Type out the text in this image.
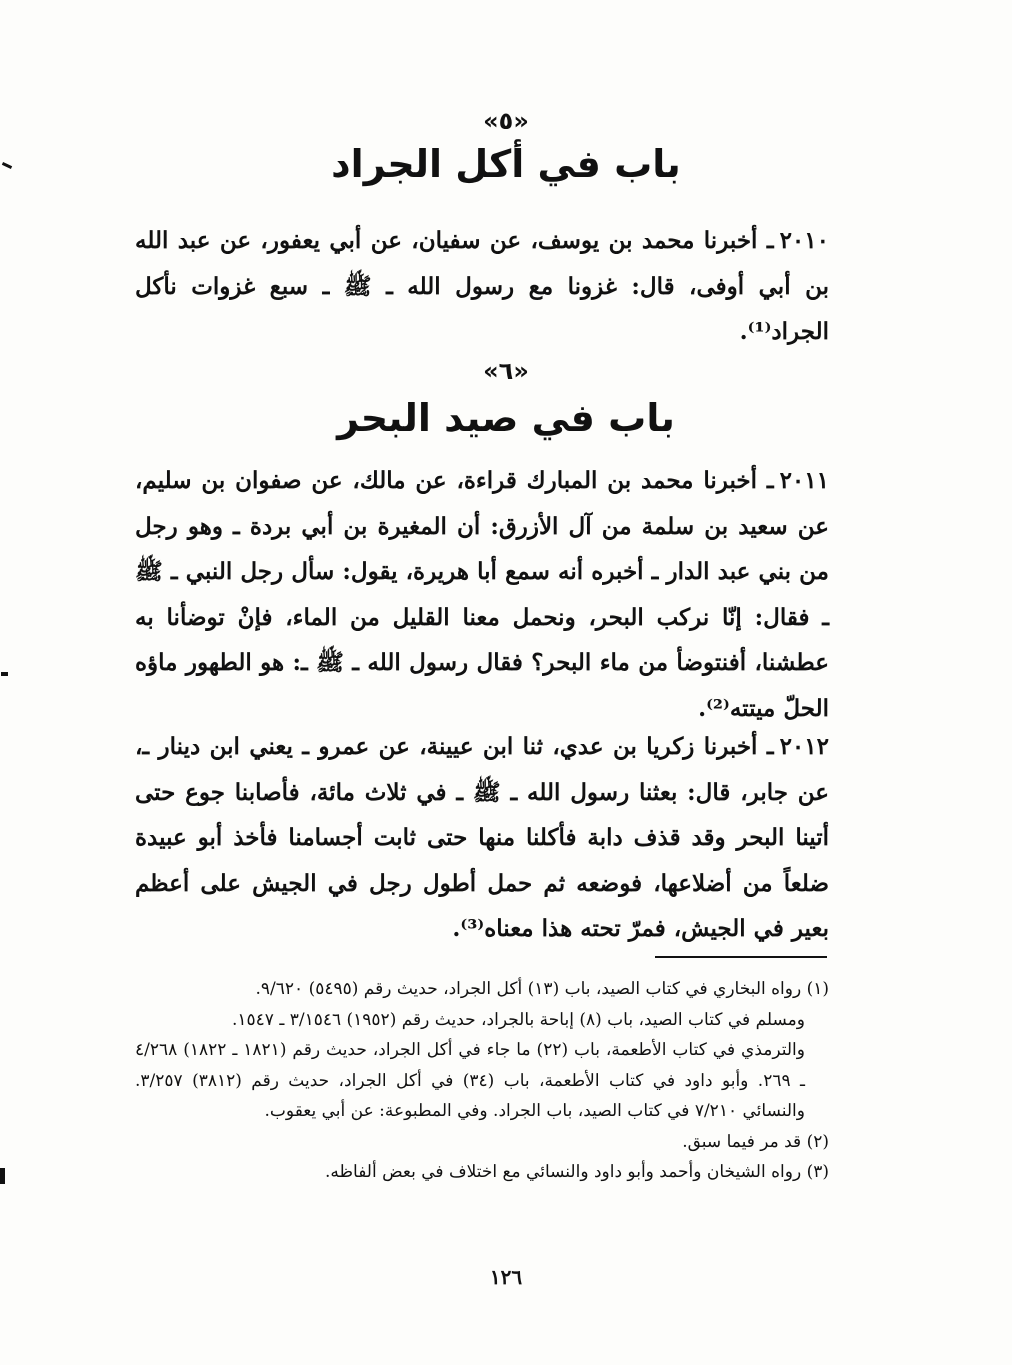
«٥»
باب في أكل الجراد

٢٠١٠ـ أخبرنا محمد بن يوسف، عن سفيان، عن أبي يعفور، عن عبد الله بن أبي أوفى، قال: غزونا مع رسول الله ـ ﷺ ـ سبع غزوات نأكل الجراد⁽¹⁾.

«٦»
باب في صيد البحر

٢٠١١ـ أخبرنا محمد بن المبارك قراءة، عن مالك، عن صفوان بن سليم، عن سعيد بن سلمة من آل الأزرق: أن المغيرة بن أبي بردة ـ وهو رجل من بني عبد الدار ـ أخبره أنه سمع أبا هريرة، يقول: سأل رجل النبي ـ ﷺ ـ فقال: إنّا نركب البحر، ونحمل معنا القليل من الماء، فإنْ توضأنا به عطشنا، أفنتوضأ من ماء البحر؟ فقال رسول الله ـ ﷺ ـ: هو الطهور ماؤه الحلّ ميتته⁽²⁾.

٢٠١٢ـ أخبرنا زكريا بن عدي، ثنا ابن عيينة، عن عمرو ـ يعني ابن دينار ـ، عن جابر، قال: بعثنا رسول الله ـ ﷺ ـ في ثلاث مائة، فأصابنا جوع حتى أتينا البحر وقد قذف دابة فأكلنا منها حتى ثابت أجسامنا فأخذ أبو عبيدة ضلعاً من أضلاعها، فوضعه ثم حمل أطول رجل في الجيش على أعظم بعير في الجيش، فمرّ تحته هذا معناه⁽³⁾.

(١) رواه البخاري في كتاب الصيد، باب (١٣) أكل الجراد، حديث رقم (٥٤٩٥) ٩/٦٢٠.

ومسلم في كتاب الصيد، باب (٨) إباحة بالجراد، حديث رقم (١٩٥٢) ٣/١٥٤٦ ـ ١٥٤٧.

والترمذي في كتاب الأطعمة، باب (٢٢) ما جاء في أكل الجراد، حديث رقم (١٨٢١ ـ ١٨٢٢) ٤/٢٦٨ ـ ٢٦٩. وأبو داود في كتاب الأطعمة، باب (٣٤) في أكل الجراد، حديث رقم (٣٨١٢) ٣/٢٥٧. والنسائي ٧/٢١٠ في كتاب الصيد، باب الجراد. وفي المطبوعة: عن أبي يعقوب.

(٢) قد مر فيما سبق.

(٣) رواه الشيخان وأحمد وأبو داود والنسائي مع اختلاف في بعض ألفاظه.

١٢٦
